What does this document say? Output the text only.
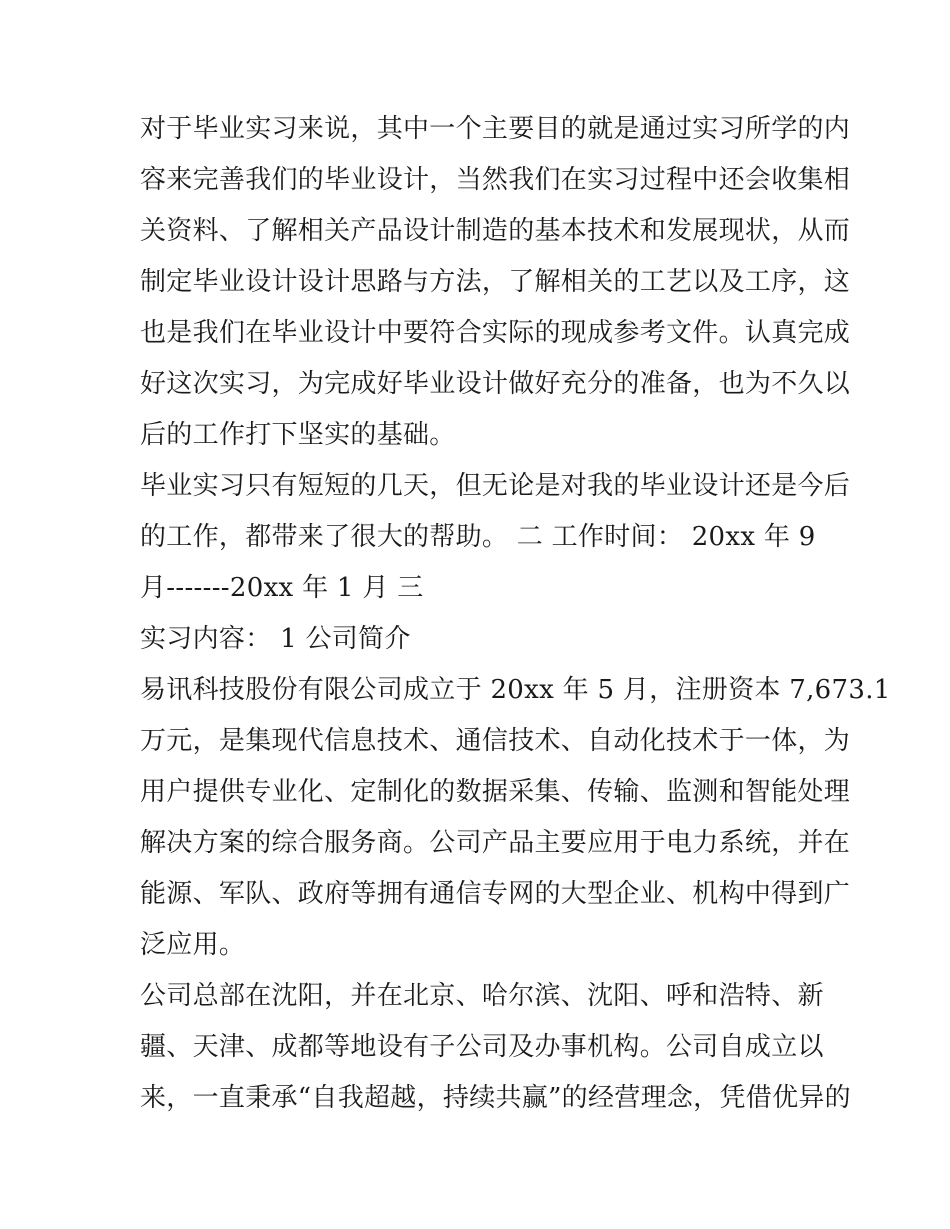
对于毕业实习来说，其中一个主要目的就是通过实习所学的内
容来完善我们的毕业设计，当然我们在实习过程中还会收集相
关资料、了解相关产品设计制造的基本技术和发展现状，从而
制定毕业设计设计思路与方法，了解相关的工艺以及工序，这
也是我们在毕业设计中要符合实际的现成参考文件。认真完成
好这次实习，为完成好毕业设计做好充分的准备，也为不久以
后的工作打下坚实的基础。
毕业实习只有短短的几天，但无论是对我的毕业设计还是今后
的工作，都带来了很大的帮助。 二 工作时间： 20xx 年 9
月-------20xx 年 1 月 三
实习内容： 1 公司简介
易讯科技股份有限公司成立于 20xx 年 5 月，注册资本 7,673.1
万元，是集现代信息技术、通信技术、自动化技术于一体，为
用户提供专业化、定制化的数据采集、传输、监测和智能处理
解决方案的综合服务商。公司产品主要应用于电力系统，并在
能源、军队、政府等拥有通信专网的大型企业、机构中得到广
泛应用。
公司总部在沈阳，并在北京、哈尔滨、沈阳、呼和浩特、新
疆、天津、成都等地设有子公司及办事机构。公司自成立以
来，一直秉承“自我超越，持续共赢”的经营理念，凭借优异的
